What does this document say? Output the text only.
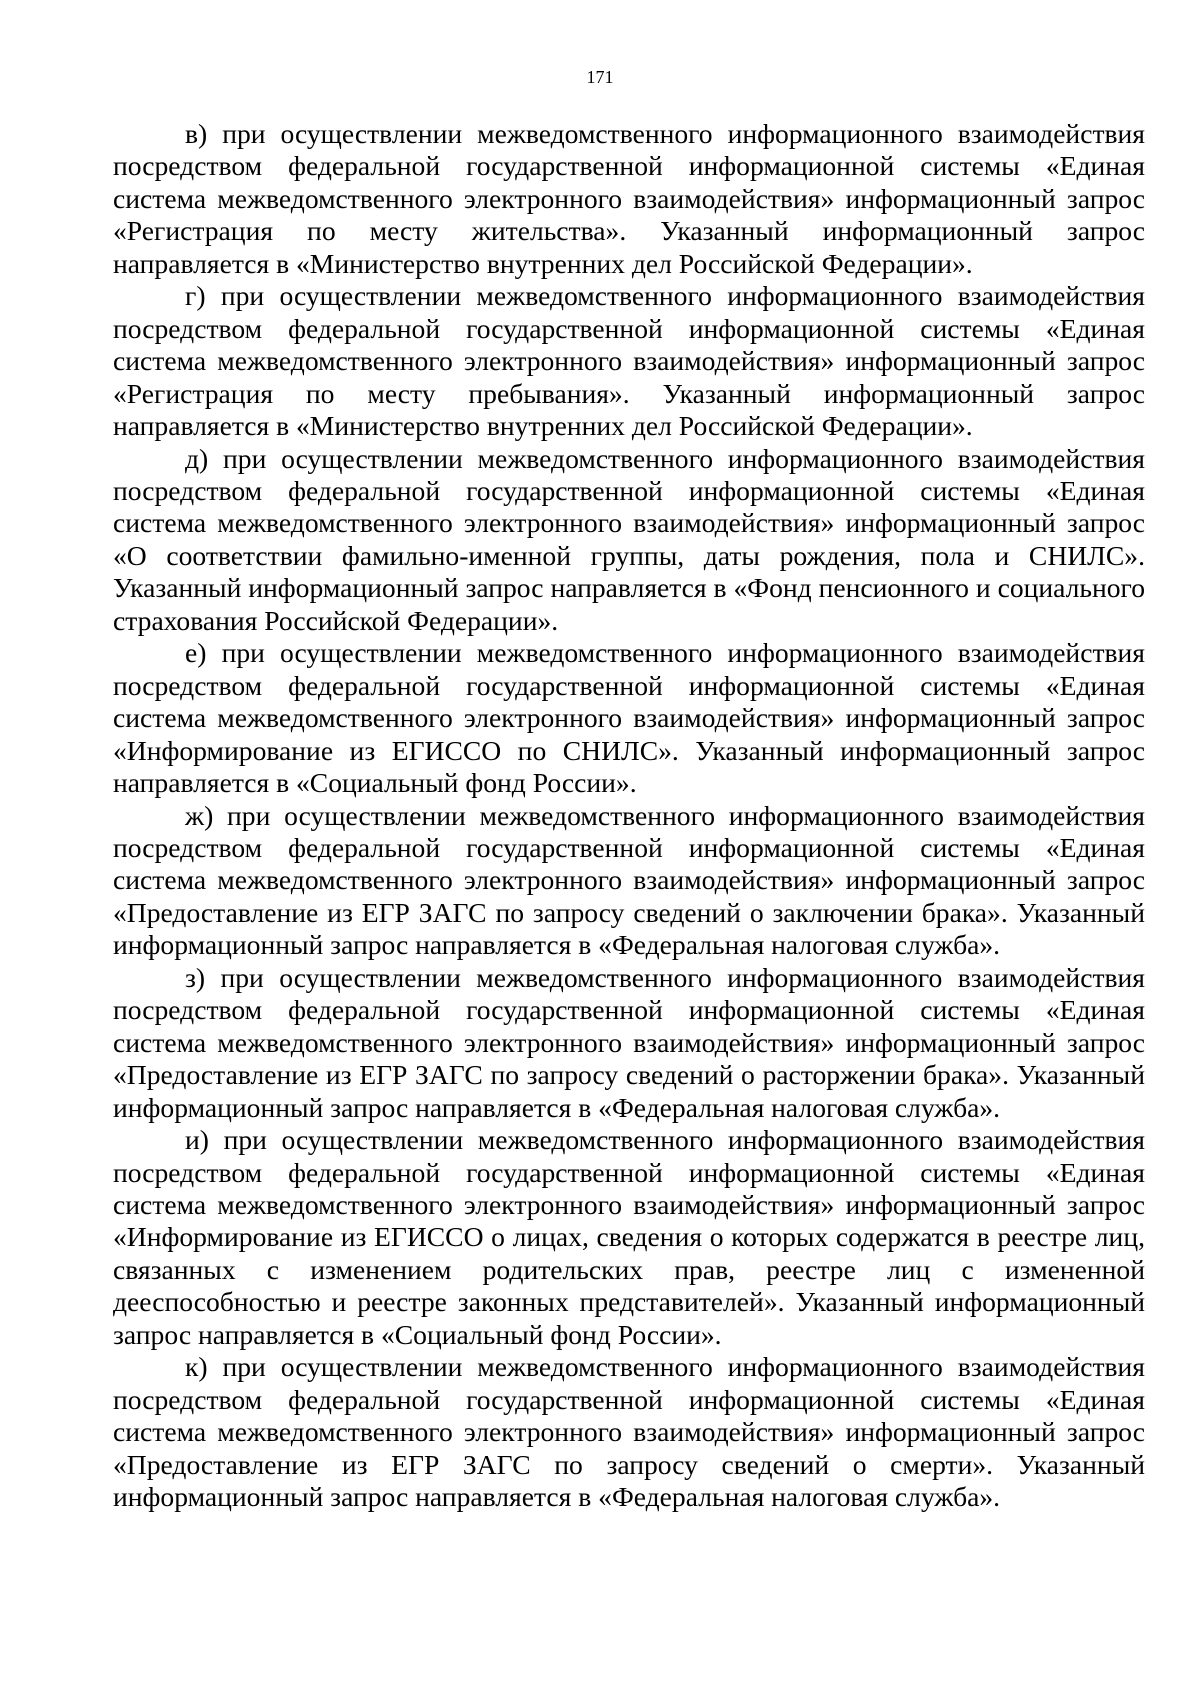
171

в) при осуществлении межведомственного информационного взаимодействия посредством федеральной государственной информационной системы «Единая система межведомственного электронного взаимодействия» информационный запрос «Регистрация по месту жительства». Указанный информационный запрос направляется в «Министерство внутренних дел Российской Федерации».

г) при осуществлении межведомственного информационного взаимодействия посредством федеральной государственной информационной системы «Единая система межведомственного электронного взаимодействия» информационный запрос «Регистрация по месту пребывания». Указанный информационный запрос направляется в «Министерство внутренних дел Российской Федерации».

д) при осуществлении межведомственного информационного взаимодействия посредством федеральной государственной информационной системы «Единая система межведомственного электронного взаимодействия» информационный запрос «О соответствии фамильно-именной группы, даты рождения, пола и СНИЛС». Указанный информационный запрос направляется в «Фонд пенсионного и социального страхования Российской Федерации».

е) при осуществлении межведомственного информационного взаимодействия посредством федеральной государственной информационной системы «Единая система межведомственного электронного взаимодействия» информационный запрос «Информирование из ЕГИССО по СНИЛС». Указанный информационный запрос направляется в «Социальный фонд России».

ж) при осуществлении межведомственного информационного взаимодействия посредством федеральной государственной информационной системы «Единая система межведомственного электронного взаимодействия» информационный запрос «Предоставление из ЕГР ЗАГС по запросу сведений о заключении брака». Указанный информационный запрос направляется в «Федеральная налоговая служба».

з) при осуществлении межведомственного информационного взаимодействия посредством федеральной государственной информационной системы «Единая система межведомственного электронного взаимодействия» информационный запрос «Предоставление из ЕГР ЗАГС по запросу сведений о расторжении брака». Указанный информационный запрос направляется в «Федеральная налоговая служба».

и) при осуществлении межведомственного информационного взаимодействия посредством федеральной государственной информационной системы «Единая система межведомственного электронного взаимодействия» информационный запрос «Информирование из ЕГИССО о лицах, сведения о которых содержатся в реестре лиц, связанных с изменением родительских прав, реестре лиц с измененной дееспособностью и реестре законных представителей». Указанный информационный запрос направляется в «Социальный фонд России».

к) при осуществлении межведомственного информационного взаимодействия посредством федеральной государственной информационной системы «Единая система межведомственного электронного взаимодействия» информационный запрос «Предоставление из ЕГР ЗАГС по запросу сведений о смерти». Указанный информационный запрос направляется в «Федеральная налоговая служба».
